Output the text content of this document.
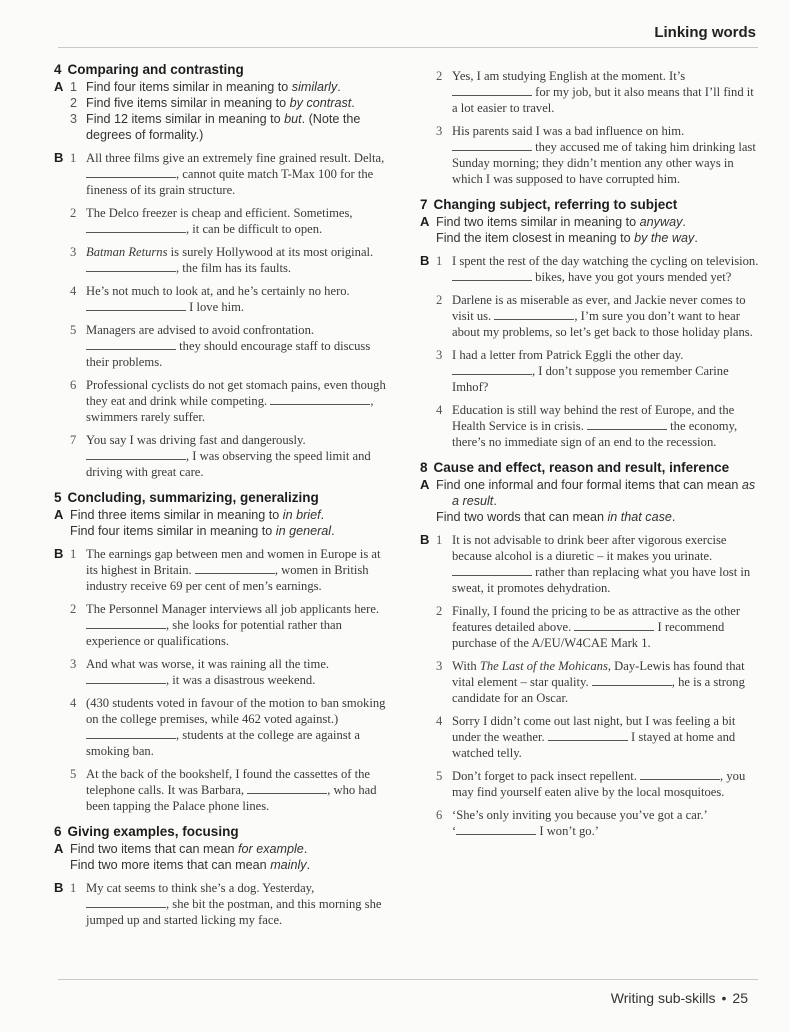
Linking words
4 Comparing and contrasting
A 1 Find four items similar in meaning to similarly.
2 Find five items similar in meaning to by contrast.
3 Find 12 items similar in meaning to but. (Note the degrees of formality.)
B 1 All three films give an extremely fine grained result. Delta, , cannot quite match T-Max 100 for the fineness of its grain structure.
2 The Delco freezer is cheap and efficient. Sometimes, , it can be difficult to open.
3 Batman Returns is surely Hollywood at its most original. , the film has its faults.
4 He’s not much to look at, and he’s certainly no hero.  I love him.
5 Managers are advised to avoid confrontation.  they should encourage staff to discuss their problems.
6 Professional cyclists do not get stomach pains, even though they eat and drink while competing.	, swimmers rarely suffer.
7 You say I was driving fast and dangerously. , I was observing the speed limit and driving with great care.
5 Concluding, summarizing, generalizing
A Find three items similar in meaning to in brief.
Find four items similar in meaning to in general.
B 1 The earnings gap between men and women in Europe is at its highest in Britain.	, women in British industry receive 69 per cent of men’s earnings.
2 The Personnel Manager interviews all job applicants here. , she looks for potential rather than experience or qualifications.
3 And what was worse, it was raining all the time. , it was a disastrous weekend.
4 (430 students voted in favour of the motion to ban smoking on the college premises, while 462 voted against.) , students at the college are against a smoking ban.
5 At the back of the bookshelf, I found the cassettes of the telephone calls. It was Barbara,	, who had been tapping the Palace phone lines.
6 Giving examples, focusing
A Find two items that can mean for example.
Find two more items that can mean mainly.
B 1 My cat seems to think she’s a dog. Yesterday, , she bit the postman, and this morning she jumped up and started licking my face.
2 Yes, I am studying English at the moment. It’s  for my job, but it also means that I’ll find it a lot easier to travel.
3 His parents said I was a bad influence on him.  they accused me of taking him drinking last Sunday morning; they didn’t mention any other ways in which I was supposed to have corrupted him.
7 Changing subject, referring to subject
A Find two items similar in meaning to anyway.
Find the item closest in meaning to by the way.
B 1 I spent the rest of the day watching the cycling on television.  bikes, have you got yours mended yet?
2 Darlene is as miserable as ever, and Jackie never comes to visit us.	, I’m sure you don’t want to hear about my problems, so let’s get back to those holiday plans.
3 I had a letter from Patrick Eggli the other day. , I don’t suppose you remember Carine Imhof?
4 Education is still way behind the rest of Europe, and the Health Service is in crisis.	the economy, there’s no immediate sign of an end to the recession.
8 Cause and effect, reason and result, inference
A Find one informal and four formal items that can mean as a result.
Find two words that can mean in that case.
B 1 It is not advisable to drink beer after vigorous exercise because alcohol is a diuretic – it makes you urinate.  rather than replacing what you have lost in sweat, it promotes dehydration.
2 Finally, I found the pricing to be as attractive as the other features detailed above.	I recommend purchase of the A/EU/W4CAE Mark 1.
3 With The Last of the Mohicans, Day-Lewis has found that vital element – star quality.	, he is a strong candidate for an Oscar.
4 Sorry I didn’t come out last night, but I was feeling a bit under the weather.	I stayed at home and watched telly.
5 Don’t forget to pack insect repellent.	, you may find yourself eaten alive by the local mosquitoes.
6 ‘She’s only inviting you because you’ve got a car.’
‘	I won’t go.’
Writing sub-skills • 25
